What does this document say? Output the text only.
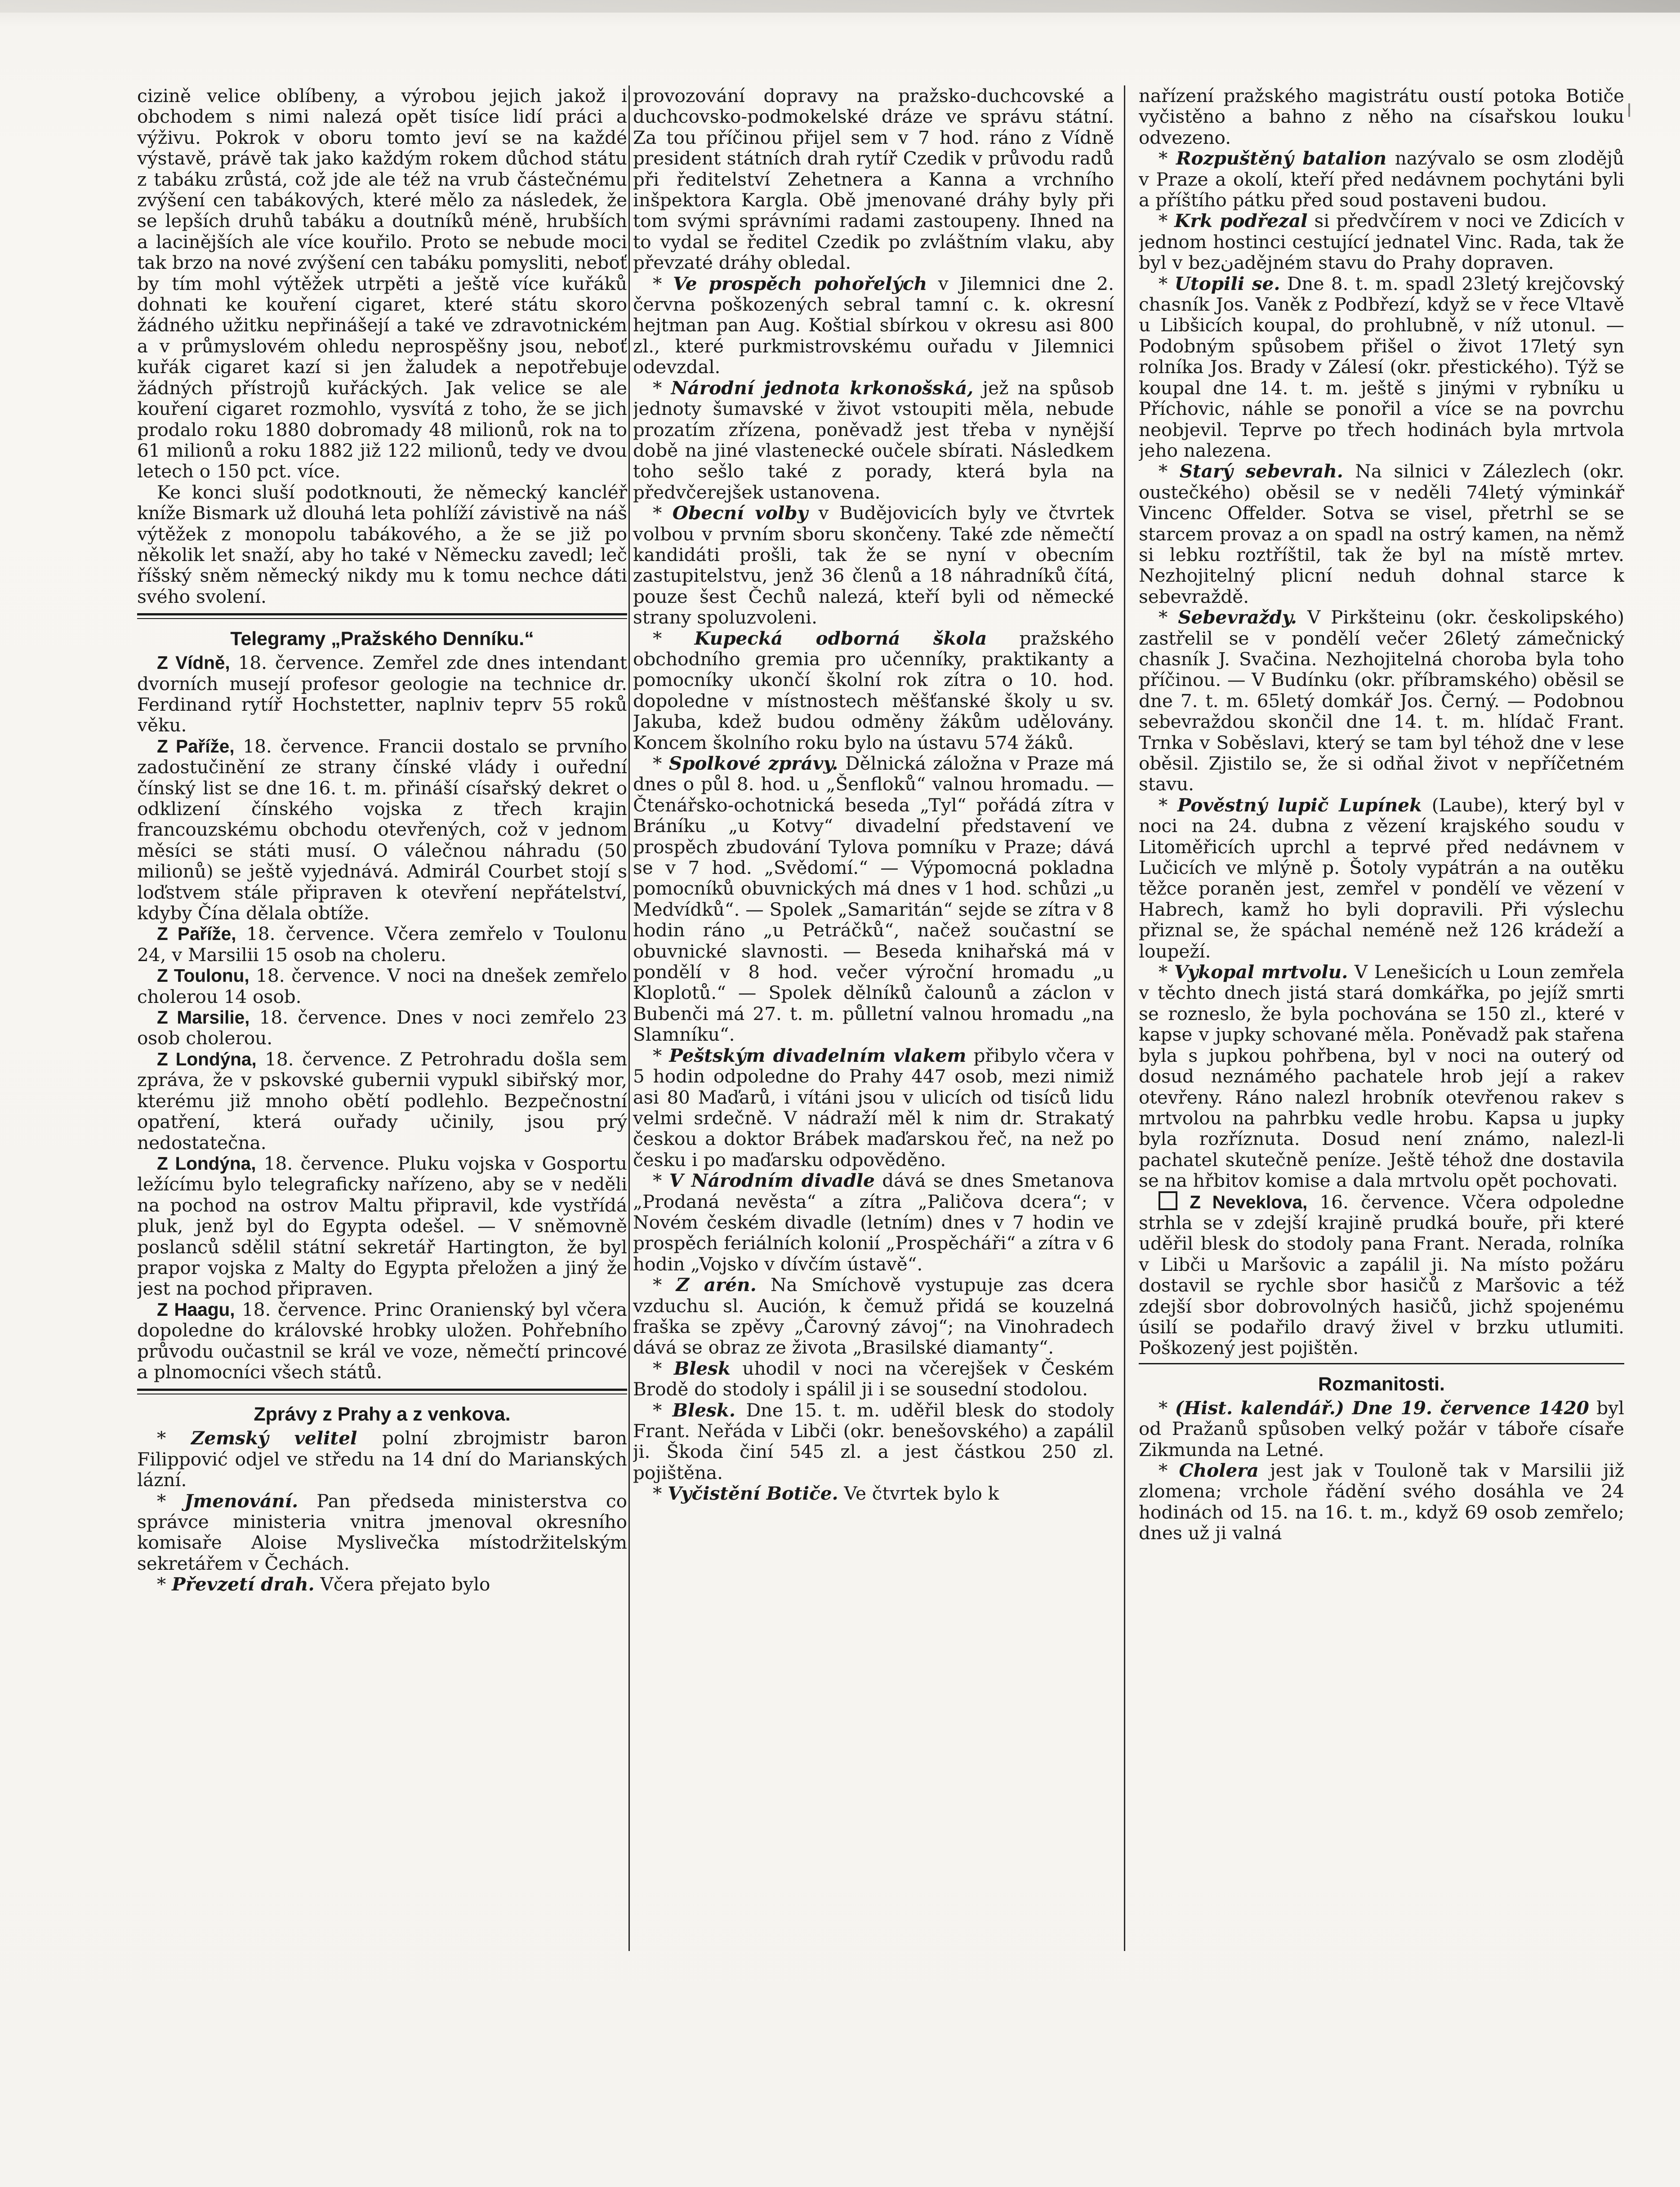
cizině velice oblíbeny, a výrobou jejich jakož i obchodem s nimi nalezá opět tisíce lidí práci a výživu. Pokrok v oboru tomto jeví se na každé výstavě, právě tak jako každým rokem důchod státu z tabáku zrůstá, což jde ale též na vrub částečnému zvýšení cen tabákových, které mělo za následek, že se lepších druhů tabáku a doutníků méně, hrubších a lacinějších ale více kouřilo. Proto se nebude moci tak brzo na nové zvýšení cen tabáku pomysliti, neboť by tím mohl výtěžek utrpěti a ještě více kuřáků dohnati ke kouření cigaret, které státu skoro žádného užitku nepřinášejí a také ve zdravotnickém a v průmyslovém ohledu neprospěšny jsou, neboť kuřák cigaret kazí si jen žaludek a nepotřebuje žádných přístrojů kuřáckých. Jak velice se ale kouření cigaret rozmohlo, vysvítá z toho, že se jich prodalo roku 1880 dobromady 48 milionů, rok na to 61 milionů a roku 1882 již 122 milionů, tedy ve dvou letech o 150 pct. více.

Ke konci sluší podotknouti, že německý kancléř kníže Bismark už dlouhá leta pohlíží závistivě na náš výtěžek z monopolu tabákového, a že se již po několik let snaží, aby ho také v Německu zavedl; leč říšský sněm německý nikdy mu k tomu nechce dáti svého svolení.

Telegramy „Pražského Denníku.“

Z Vídně, 18. července. Zemřel zde dnes intendant dvorních musejí profesor geologie na technice dr. Ferdinand rytíř Hochstetter, naplniv teprv 55 roků věku.

Z Paříže, 18. července. Francii dostalo se prvního zadostučinění ze strany čínské vlády i ouřední čínský list se dne 16. t. m. přináší císařský dekret o odklizení čínského vojska z třech krajin francouzskému obchodu otevřených, což v jednom měsíci se státi musí. O válečnou náhradu (50 milionů) se ještě vyjednává. Admirál Courbet stojí s loďstvem stále připraven k otevření nepřátelství, kdyby Čína dělala obtíže.

Z Paříže, 18. července. Včera zemřelo v Toulonu 24, v Marsilii 15 osob na choleru.

Z Toulonu, 18. července. V noci na dnešek zemřelo cholerou 14 osob.

Z Marsilie, 18. července. Dnes v noci zemřelo 23 osob cholerou.

Z Londýna, 18. července. Z Petrohradu došla sem zpráva, že v pskovské gubernii vypukl sibiřský mor, kterému již mnoho obětí podlehlo. Bezpečnostní opatření, která ouřady učinily, jsou prý nedostatečna.

Z Londýna, 18. července. Pluku vojska v Gosportu ležícímu bylo telegraficky nařízeno, aby se v neděli na pochod na ostrov Maltu připravil, kde vystřídá pluk, jenž byl do Egypta odešel. — V sněmovně poslanců sdělil státní sekretář Hartington, že byl prapor vojska z Malty do Egypta přeložen a jiný že jest na pochod připraven.

Z Haagu, 18. července. Princ Oranienský byl včera dopoledne do královské hrobky uložen. Pohřebního průvodu oučastnil se král ve voze, němečtí princové a plnomocníci všech států.

Zprávy z Prahy a z venkova.

* Zemský velitel polní zbrojmistr baron Filippović odjel ve středu na 14 dní do Marianských lázní.

* Jmenování. Pan předseda ministerstva co správce ministeria vnitra jmenoval okresního komisaře Aloise Myslivečka místodržitelským sekretářem v Čechách.

* Převzetí drah. Včera přejato bylo

provozování dopravy na pražsko-duchcovské a duchcovsko-podmokelské dráze ve správu státní. Za tou příčinou přijel sem v 7 hod. ráno z Vídně president státních drah rytíř Czedik v průvodu radů při ředitelství Zehetnera a Kanna a vrchního inšpektora Kargla. Obě jmenované dráhy byly při tom svými správními radami zastoupeny. Ihned na to vydal se ředitel Czedik po zvláštním vlaku, aby převzaté dráhy obledal.

* Ve prospěch pohořelých v Jilemnici dne 2. června poškozených sebral tamní c. k. okresní hejtman pan Aug. Koštial sbírkou v okresu asi 800 zl., které purkmistrovskému ouřadu v Jilemnici odevzdal.

* Národní jednota krkonošská, jež na spůsob jednoty šumavské v život vstoupiti měla, nebude prozatím zřízena, poněvadž jest třeba v nynější době na jiné vlastenecké oučele sbírati. Následkem toho sešlo také z porady, která byla na předvčerejšek ustanovena.

* Obecní volby v Budějovicích byly ve čtvrtek volbou v prvním sboru skončeny. Také zde němečtí kandidáti prošli, tak že se nyní v obecním zastupitelstvu, jenž 36 členů a 18 náhradníků čítá, pouze šest Čechů nalezá, kteří byli od německé strany spoluzvoleni.

* Kupecká odborná škola pražského obchodního gremia pro učenníky, praktikanty a pomocníky ukončí školní rok zítra o 10. hod. dopoledne v místnostech měšťanské školy u sv. Jakuba, kdež budou odměny žákům udělovány. Koncem školního roku bylo na ústavu 574 žáků.

* Spolkové zprávy. Dělnická záložna v Praze má dnes o půl 8. hod. u „Šenfloků“ valnou hromadu. — Čtenářsko-ochotnická beseda „Tyl“ pořádá zítra v Bráníku „u Kotvy“ divadelní představení ve prospěch zbudování Tylova pomníku v Praze; dává se v 7 hod. „Svědomí.“ — Výpomocná pokladna pomocníků obuvnických má dnes v 1 hod. schůzi „u Medvídků“. — Spolek „Samaritán“ sejde se zítra v 8 hodin ráno „u Petráčků“, načež součastní se obuvnické slavnosti. — Beseda knihařská má v pondělí v 8 hod. večer výroční hromadu „u Kloplotů.“ — Spolek dělníků čalounů a záclon v Bubenči má 27. t. m. půlletní valnou hromadu „na Slamníku“.

* Peštským divadelním vlakem přibylo včera v 5 hodin odpoledne do Prahy 447 osob, mezi nimiž asi 80 Maďarů, i vítáni jsou v ulicích od tisíců lidu velmi srdečně. V nádraží měl k nim dr. Strakatý českou a doktor Brábek maďarskou řeč, na než po česku i po maďarsku odpověděno.

* V Národním divadle dává se dnes Smetanova „Prodaná nevěsta“ a zítra „Paličova dcera“; v Novém českém divadle (letním) dnes v 7 hodin ve prospěch feriálních kolonií „Prospěcháři“ a zítra v 6 hodin „Vojsko v dívčím ústavě“.

* Z arén. Na Smíchově vystupuje zas dcera vzduchu sl. Aución, k čemuž přidá se kouzelná fraška se zpěvy „Čarovný závoj“; na Vinohradech dává se obraz ze života „Brasilské diamanty“.

* Blesk uhodil v noci na včerejšek v Českém Brodě do stodoly i spálil ji i se sousední stodolou.

* Blesk. Dne 15. t. m. uděřil blesk do stodoly Frant. Neřáda v Libči (okr. benešovského) a zapálil ji. Škoda činí 545 zl. a jest částkou 250 zl. pojištěna.

* Vyčistění Botiče. Ve čtvrtek bylo k

nařízení pražského magistrátu oustí potoka Botiče vyčistěno a bahno z něho na císařskou louku odvezeno.

* Rozpuštěný batalion nazývalo se osm zlodějů v Praze a okolí, kteří před nedávnem pochytáni byli a příštího pátku před soud postaveni budou.

* Krk podřezal si předvčírem v noci ve Zdicích v jednom hostinci cestující jednatel Vinc. Rada, tak že byl v bezنadějném stavu do Prahy dopraven.

* Utopili se. Dne 8. t. m. spadl 23letý krejčovský chasník Jos. Vaněk z Podbřezí, když se v řece Vltavě u Libšicích koupal, do prohlubně, v níž utonul. — Podobným spůsobem přišel o život 17letý syn rolníka Jos. Brady v Zálesí (okr. přestického). Týž se koupal dne 14. t. m. ještě s jinými v rybníku u Příchovic, náhle se ponořil a více se na povrchu neobjevil. Teprve po třech hodinách byla mrtvola jeho nalezena.

* Starý sebevrah. Na silnici v Zálezlech (okr. oustečkého) oběsil se v neděli 74letý výminkář Vincenc Offelder. Sotva se visel, přetrhl se se starcem provaz a on spadl na ostrý kamen, na němž si lebku roztříštil, tak že byl na místě mrtev. Nezhojitelný plicní neduh dohnal starce k sebevraždě.

* Sebevraždy. V Pirkšteinu (okr. českolipského) zastřelil se v pondělí večer 26letý zámečnický chasník J. Svačina. Nezhojitelná choroba byla toho příčinou. — V Budínku (okr. příbramského) oběsil se dne 7. t. m. 65letý domkář Jos. Černý. — Podobnou sebevraždou skončil dne 14. t. m. hlídač Frant. Trnka v Soběslavi, který se tam byl téhož dne v lese oběsil. Zjistilo se, že si odňal život v nepříčetném stavu.

* Pověstný lupič Lupínek (Laube), který byl v noci na 24. dubna z vězení krajského soudu v Litoměřicích uprchl a teprvé před nedávnem v Lučicích ve mlýně p. Šotoly vypátrán a na outěku těžce poraněn jest, zemřel v pondělí ve vězení v Habrech, kamž ho byli dopravili. Při výslechu přiznal se, že spáchal neméně než 126 krádeží a loupeží.

* Vykopal mrtvolu. V Lenešicích u Loun zemřela v těchto dnech jistá stará domkářka, po jejíž smrti se rozneslo, že byla pochována se 150 zl., které v kapse v jupky schované měla. Poněvadž pak stařena byla s jupkou pohřbena, byl v noci na outerý od dosud neznámého pachatele hrob její a rakev otevřeny. Ráno nalezl hrobník otevřenou rakev s mrtvolou na pahrbku vedle hrobu. Kapsa u jupky byla rozříznuta. Dosud není známo, nalezl-li pachatel skutečně peníze. Ještě téhož dne dostavila se na hřbitov komise a dala mrtvolu opět pochovati.

Z Neveklova, 16. července. Včera odpoledne strhla se v zdejší krajině prudká bouře, při které uděřil blesk do stodoly pana Frant. Nerada, rolníka v Libči u Maršovic a zapálil ji. Na místo požáru dostavil se rychle sbor hasičů z Maršovic a též zdejší sbor dobrovolných hasičů, jichž spojenému úsilí se podařilo dravý živel v brzku utlumiti. Poškozený jest pojištěn.

Rozmanitosti.

* (Hist. kalendář.) Dne 19. července 1420 byl od Pražanů spůsoben velký požár v táboře císaře Zikmunda na Letné.

* Cholera jest jak v Touloně tak v Marsilii již zlomena; vrchole řádění svého dosáhla ve 24 hodinách od 15. na 16. t. m., když 69 osob zemřelo; dnes už ji valná
